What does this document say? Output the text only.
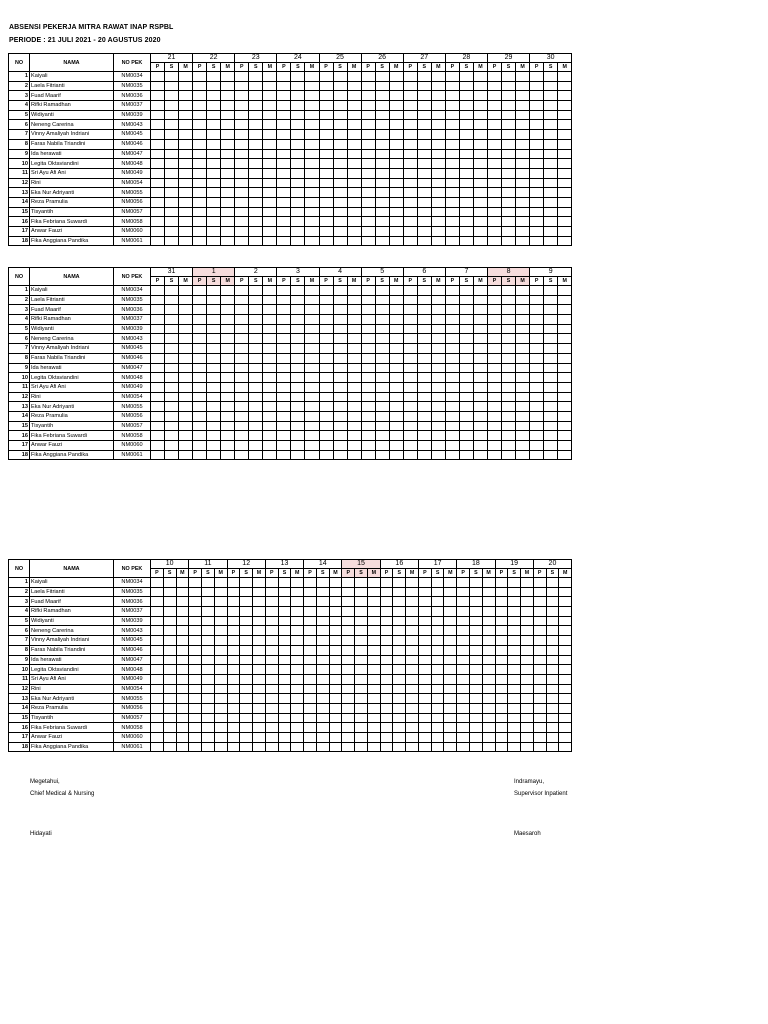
ABSENSI PEKERJA MITRA RAWAT INAP RSPBL
PERIODE : 21 JULI 2021 - 20 AGUSTUS 2020
NO	NAMA	NO PEK	21			22			23			24			25			26			27			28			29			30		
			P	S	M	P	S	M	P	S	M	P	S	M	P	S	M	P	S	M	P	S	M	P	S	M	P	S	M	P	S	M
1	Kaiyali	NM0034																														
2	Laela Fitrianti	NM0035																														
3	Fuad Maarif	NM0036																														
4	Rifki Ramadhan	NM0037																														
5	Widiyanti	NM0039																														
6	Neneng Carerina	NM0043																														
7	Vinny Amaliyah Indriani	NM0045																														
8	Faras Nabila Triandini	NM0046																														
9	Ida herawati	NM0047																														
10	Legita Oktaviandini	NM0048																														
11	Sri Ayu Afi Ani	NM0049																														
12	Rini	NM0054																														
13	Eka Nur Adriyanti	NM0055																														
14	Reza Pramulia	NM0056																														
15	Tisyantih	NM0057																														
16	Fika Febriana Suwardi	NM0058																														
17	Anwar Fauzi	NM0060																														
18	Fika Anggiana Pandika	NM0061																														
NO	NAMA	NO PEK	31			1			2			3			4			5			6			7			8			9		
			P	S	M	P	S	M	P	S	M	P	S	M	P	S	M	P	S	M	P	S	M	P	S	M	P	S	M	P	S	M
1	Kaiyali	NM0034																														
2	Laela Fitrianti	NM0035																														
3	Fuad Maarif	NM0036																														
4	Rifki Ramadhan	NM0037																														
5	Widiyanti	NM0039																														
6	Neneng Carerina	NM0043																														
7	Vinny Amaliyah Indriani	NM0045																														
8	Faras Nabila Triandini	NM0046																														
9	Ida herawati	NM0047																														
10	Legita Oktaviandini	NM0048																														
11	Sri Ayu Afi Ani	NM0049																														
12	Rini	NM0054																														
13	Eka Nur Adriyanti	NM0055																														
14	Reza Pramulia	NM0056																														
15	Tisyantih	NM0057																														
16	Fika Febriana Suwardi	NM0058																														
17	Anwar Fauzi	NM0060																														
18	Fika Anggiana Pandika	NM0061																														
NO	NAMA	NO PEK	10			11			12			13			14			15			16			17			18			19			20		
			P	S	M	P	S	M	P	S	M	P	S	M	P	S	M	P	S	M	P	S	M	P	S	M	P	S	M	P	S	M	P	S	M
1	Kaiyali	NM0034																																	
2	Laela Fitrianti	NM0035																																	
3	Fuad Maarif	NM0036																																	
4	Rifki Ramadhan	NM0037																																	
5	Widiyanti	NM0039																																	
6	Neneng Carerina	NM0043																																	
7	Vinny Amaliyah Indriani	NM0045																																	
8	Faras Nabila Triandini	NM0046																																	
9	Ida herawati	NM0047																																	
10	Legita Oktaviandini	NM0048																																	
11	Sri Ayu Afi Ani	NM0049																																	
12	Rini	NM0054																																	
13	Eka Nur Adriyanti	NM0055																																	
14	Reza Pramulia	NM0056																																	
15	Tisyantih	NM0057																																	
16	Fika Febriana Suwardi	NM0058																																	
17	Anwar Fauzi	NM0060																																	
18	Fika Anggiana Pandika	NM0061																																	
Megetahui,
Chief Medical & Nursing
Hidayati
Indramayu,
Supervisor Inpatient
Maesaroh
